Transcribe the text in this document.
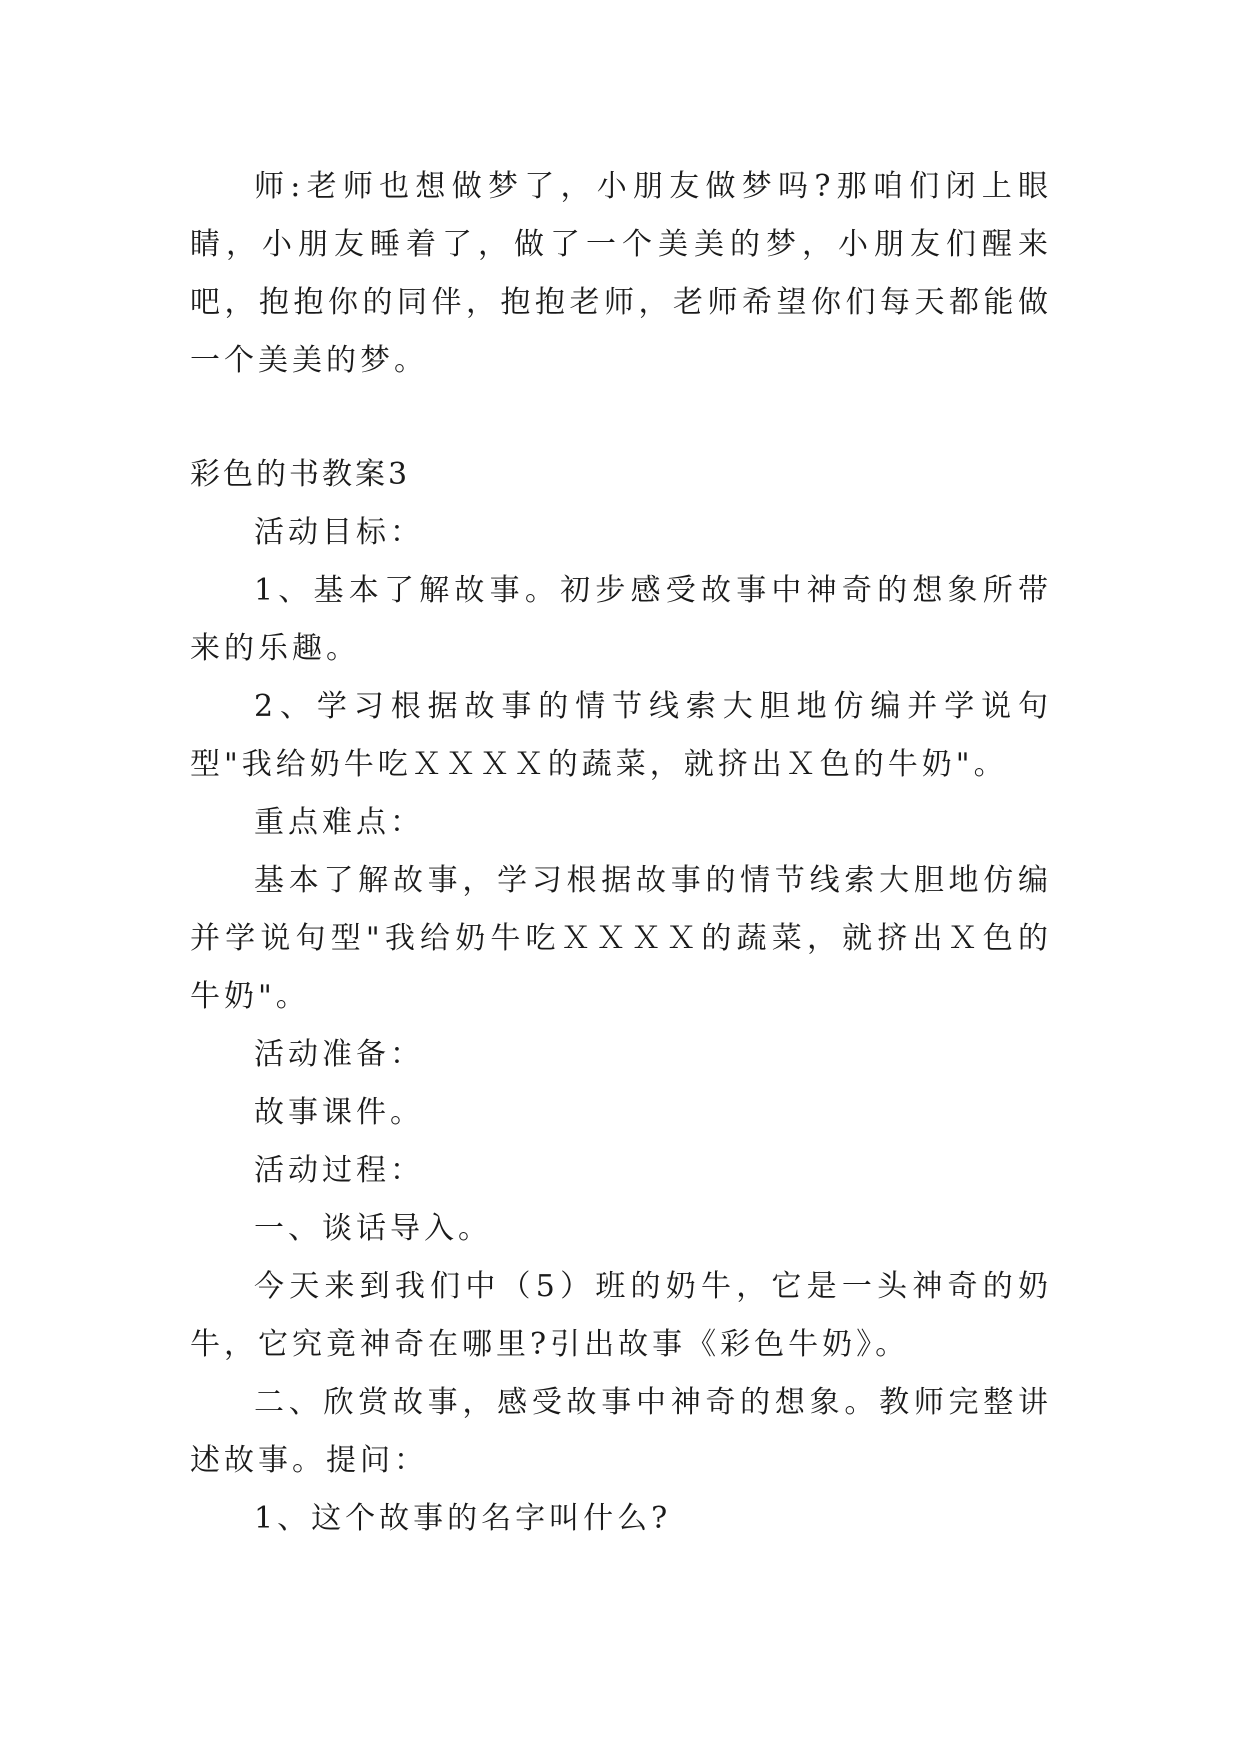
师:老师也想做梦了，小朋友做梦吗?那咱们闭上眼睛，小朋友睡着了，做了一个美美的梦，小朋友们醒来吧，抱抱你的同伴，抱抱老师，老师希望你们每天都能做一个美美的梦。

彩色的书教案3

活动目标：

1、基本了解故事。初步感受故事中神奇的想象所带来的乐趣。

2、学习根据故事的情节线索大胆地仿编并学说句型"我给奶牛吃ＸＸＸＸ的蔬菜，就挤出Ｘ色的牛奶"。

重点难点：

基本了解故事，学习根据故事的情节线索大胆地仿编并学说句型"我给奶牛吃ＸＸＸＸ的蔬菜，就挤出Ｘ色的牛奶"。

活动准备：

故事课件。

活动过程：

一、谈话导入。

今天来到我们中（5）班的奶牛，它是一头神奇的奶牛，它究竟神奇在哪里?引出故事《彩色牛奶》。

二、欣赏故事，感受故事中神奇的想象。教师完整讲述故事。提问：

1、这个故事的名字叫什么?
